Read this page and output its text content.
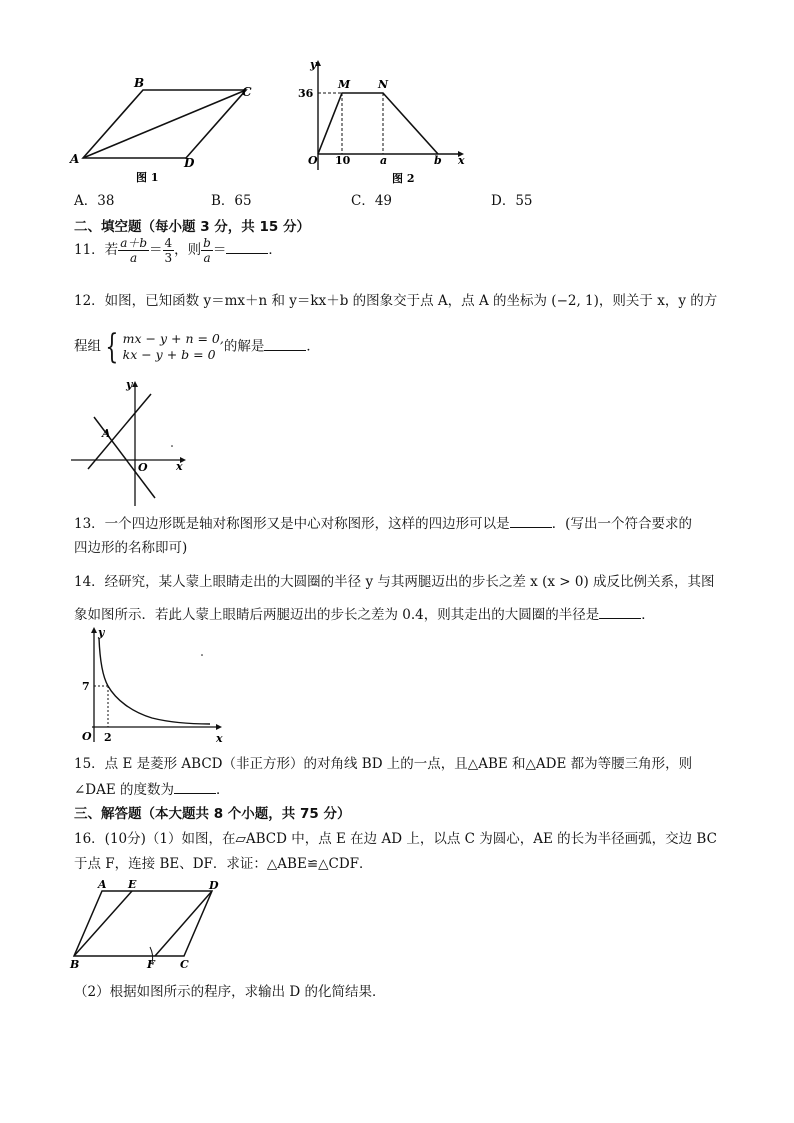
A
B
C
D
图 1
y
x
O
M	N
36
10	a	b
图 2
A．38	B．65	C．49	D．55
二、填空题（每小题 3 分，共 15 分）
11．若 $\frac{a+b}{a} = \frac{4}{3}$ ，则 $\frac{b}{a}$ ＝	．
12．如图，已知函数 y＝mx＋n 和 y＝kx＋b 的图象交于点 A，点 A 的坐标为 (−2, 1)，则关于 x，y 的方
程组 { mx − y + n = 0,
kx − y + b = 0 的解是	．
y
x
O
A
13．一个四边形既是轴对称图形又是中心对称图形，这样的四边形可以是	．(写出一个符合要求的
四边形的名称即可)
14．经研究，某人蒙上眼睛走出的大圆圈的半径 y 与其两腿迈出的步长之差 x (x > 0) 成反比例关系，其图
象如图所示．若此人蒙上眼睛后两腿迈出的步长之差为 0.4，则其走出的大圆圈的半径是	．
y
x
O
7
2
15．点 E 是菱形 ABCD（非正方形）的对角线 BD 上的一点，且△ABE 和△ADE 都为等腰三角形，则
∠DAE 的度数为	．
三、解答题（本大题共 8 个小题，共 75 分）
16．(10分)（1）如图，在▱ABCD 中，点 E 在边 AD 上，以点 C 为圆心，AE 的长为半径画弧，交边 BC
于点 F，连接 BE、DF．求证：△ABE≌△CDF．
A E	D
B	F C
（2）根据如图所示的程序，求输出 D 的化简结果．
